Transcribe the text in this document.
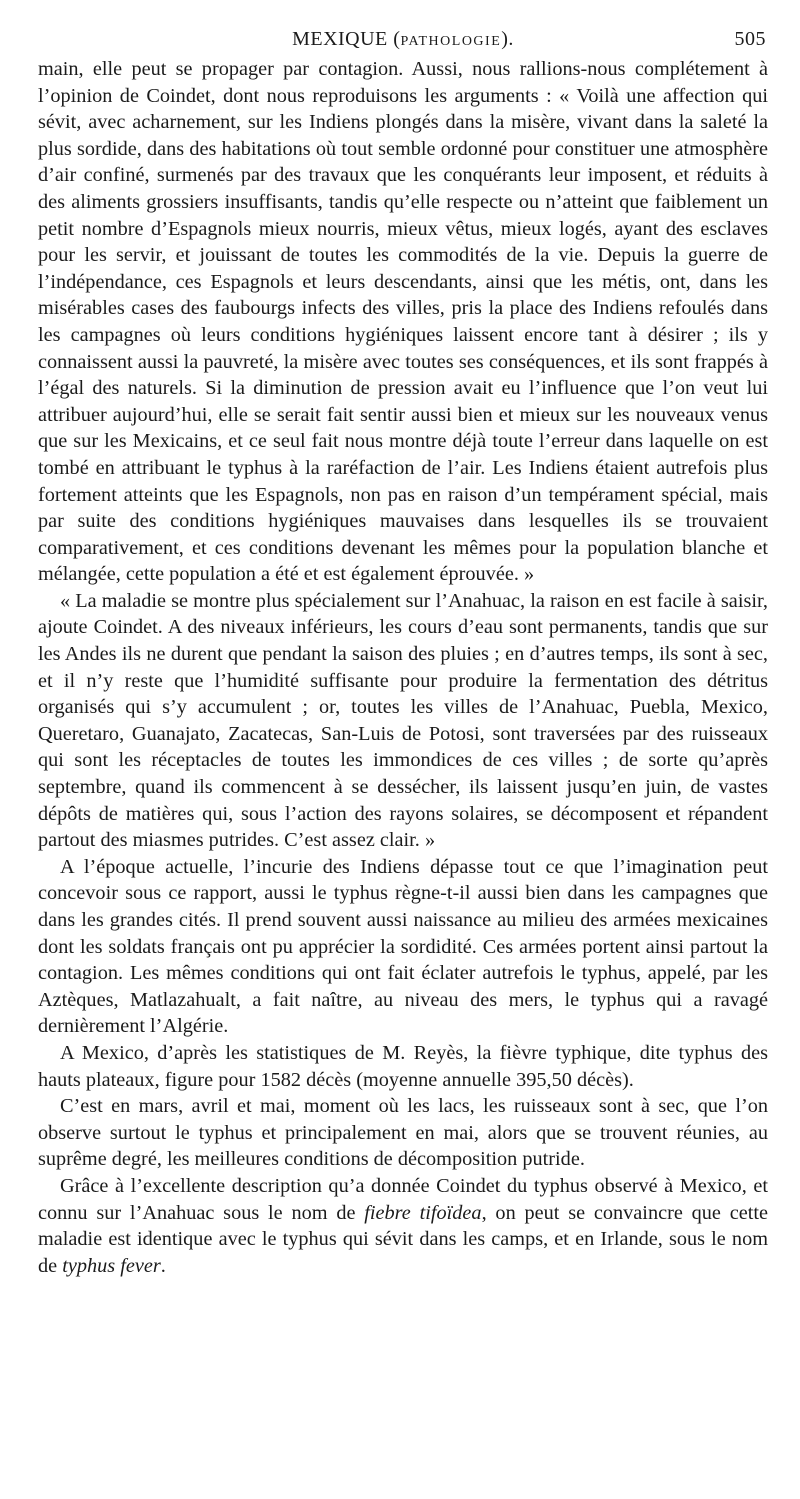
MEXIQUE (PATHOLOGIE).	505

main, elle peut se propager par contagion. Aussi, nous rallions-nous complétement à l’opinion de Coindet, dont nous reproduisons les arguments : « Voilà une affection qui sévit, avec acharnement, sur les Indiens plongés dans la misère, vivant dans la saleté la plus sordide, dans des habitations où tout semble ordonné pour constituer une atmosphère d’air confiné, surmenés par des travaux que les conquérants leur imposent, et réduits à des aliments grossiers insuffisants, tandis qu’elle respecte ou n’atteint que faiblement un petit nombre d’Espagnols mieux nourris, mieux vêtus, mieux logés, ayant des esclaves pour les servir, et jouissant de toutes les commodités de la vie. Depuis la guerre de l’indépendance, ces Espagnols et leurs descendants, ainsi que les métis, ont, dans les misérables cases des faubourgs infects des villes, pris la place des Indiens refoulés dans les campagnes où leurs conditions hygiéniques laissent encore tant à désirer ; ils y connaissent aussi la pauvreté, la misère avec toutes ses conséquences, et ils sont frappés à l’égal des naturels. Si la diminution de pression avait eu l’influence que l’on veut lui attribuer aujourd’hui, elle se serait fait sentir aussi bien et mieux sur les nouveaux venus que sur les Mexicains, et ce seul fait nous montre déjà toute l’erreur dans laquelle on est tombé en attribuant le typhus à la raréfaction de l’air. Les Indiens étaient autrefois plus fortement atteints que les Espagnols, non pas en raison d’un tempérament spécial, mais par suite des conditions hygiéniques mauvaises dans lesquelles ils se trouvaient comparativement, et ces conditions devenant les mêmes pour la population blanche et mélangée, cette population a été et est également éprouvée. »

« La maladie se montre plus spécialement sur l’Anahuac, la raison en est facile à saisir, ajoute Coindet. A des niveaux inférieurs, les cours d’eau sont permanents, tandis que sur les Andes ils ne durent que pendant la saison des pluies ; en d’autres temps, ils sont à sec, et il n’y reste que l’humidité suffisante pour produire la fermentation des détritus organisés qui s’y accumulent ; or, toutes les villes de l’Anahuac, Puebla, Mexico, Queretaro, Guanajato, Zacatecas, San-Luis de Potosi, sont traversées par des ruisseaux qui sont les réceptacles de toutes les immondices de ces villes ; de sorte qu’après septembre, quand ils commencent à se dessécher, ils laissent jusqu’en juin, de vastes dépôts de matières qui, sous l’action des rayons solaires, se décomposent et répandent partout des miasmes putrides. C’est assez clair. »

A l’époque actuelle, l’incurie des Indiens dépasse tout ce que l’imagination peut concevoir sous ce rapport, aussi le typhus règne-t-il aussi bien dans les campagnes que dans les grandes cités. Il prend souvent aussi naissance au milieu des armées mexicaines dont les soldats français ont pu apprécier la sordidité. Ces armées portent ainsi partout la contagion. Les mêmes conditions qui ont fait éclater autrefois le typhus, appelé, par les Aztèques, Matlazahualt, a fait naître, au niveau des mers, le typhus qui a ravagé dernièrement l’Algérie.

A Mexico, d’après les statistiques de M. Reyès, la fièvre typhique, dite typhus des hauts plateaux, figure pour 1582 décès (moyenne annuelle 395,50 décès).

C’est en mars, avril et mai, moment où les lacs, les ruisseaux sont à sec, que l’on observe surtout le typhus et principalement en mai, alors que se trouvent réunies, au suprême degré, les meilleures conditions de décomposition putride.

Grâce à l’excellente description qu’a donnée Coindet du typhus observé à Mexico, et connu sur l’Anahuac sous le nom de fiebre tifoïdea, on peut se convaincre que cette maladie est identique avec le typhus qui sévit dans les camps, et en Irlande, sous le nom de typhus fever.
